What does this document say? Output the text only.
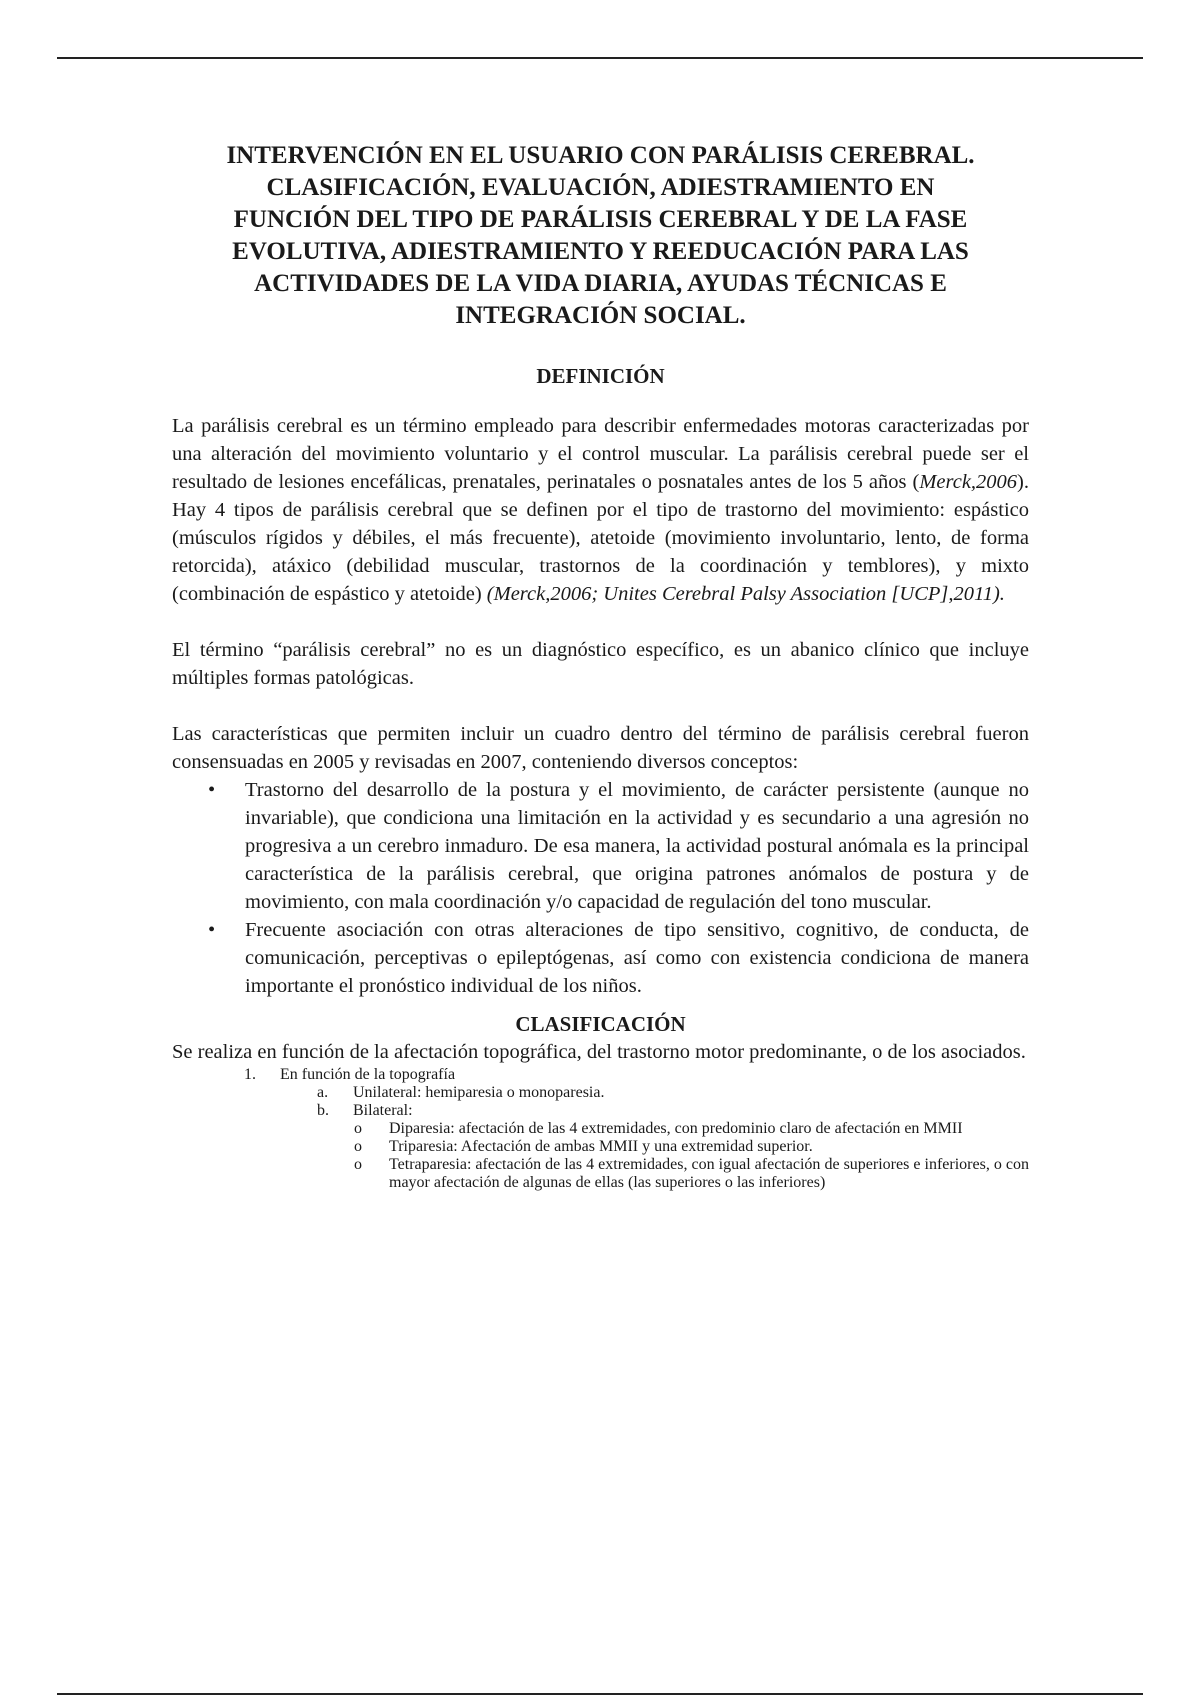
INTERVENCIÓN EN EL USUARIO CON PARÁLISIS CEREBRAL.
CLASIFICACIÓN, EVALUACIÓN, ADIESTRAMIENTO EN
FUNCIÓN DEL TIPO DE PARÁLISIS CEREBRAL Y DE LA FASE
EVOLUTIVA, ADIESTRAMIENTO Y REEDUCACIÓN PARA LAS
ACTIVIDADES DE LA VIDA DIARIA, AYUDAS TÉCNICAS E
INTEGRACIÓN SOCIAL.
DEFINICIÓN

La parálisis cerebral es un término empleado para describir enfermedades motoras caracterizadas por una alteración del movimiento voluntario y el control muscular. La parálisis cerebral puede ser el resultado de lesiones encefálicas, prenatales, perinatales o posnatales antes de los 5 años (Merck,2006). Hay 4 tipos de parálisis cerebral que se definen por el tipo de trastorno del movimiento: espástico (músculos rígidos y débiles, el más frecuente), atetoide (movimiento involuntario, lento, de forma retorcida), atáxico (debilidad muscular, trastornos de la coordinación y temblores), y mixto (combinación de espástico y atetoide) (Merck,2006; Unites Cerebral Palsy Association [UCP],2011).

El término “parálisis cerebral” no es un diagnóstico específico, es un abanico clínico que incluye múltiples formas patológicas.

Las características que permiten incluir un cuadro dentro del término de parálisis cerebral fueron consensuadas en 2005 y revisadas en 2007, conteniendo diversos conceptos:

• Trastorno del desarrollo de la postura y el movimiento, de carácter persistente (aunque no invariable), que condiciona una limitación en la actividad y es secundario a una agresión no progresiva a un cerebro inmaduro. De esa manera, la actividad postural anómala es la principal característica de la parálisis cerebral, que origina patrones anómalos de postura y de movimiento, con mala coordinación y/o capacidad de regulación del tono muscular.
• Frecuente asociación con otras alteraciones de tipo sensitivo, cognitivo, de conducta, de comunicación, perceptivas o epileptógenas, así como con existencia condiciona de manera importante el pronóstico individual de los niños.
CLASIFICACIÓN

Se realiza en función de la afectación topográfica, del trastorno motor predominante, o de los asociados.

1. En función de la topografía
a. Unilateral: hemiparesia o monoparesia.
b. Bilateral:
o Diparesia: afectación de las 4 extremidades, con predominio claro de afectación en MMII
o Triparesia: Afectación de ambas MMII y una extremidad superior.
o Tetraparesia: afectación de las 4 extremidades, con igual afectación de superiores e inferiores, o con mayor afectación de algunas de ellas (las superiores o las inferiores)
